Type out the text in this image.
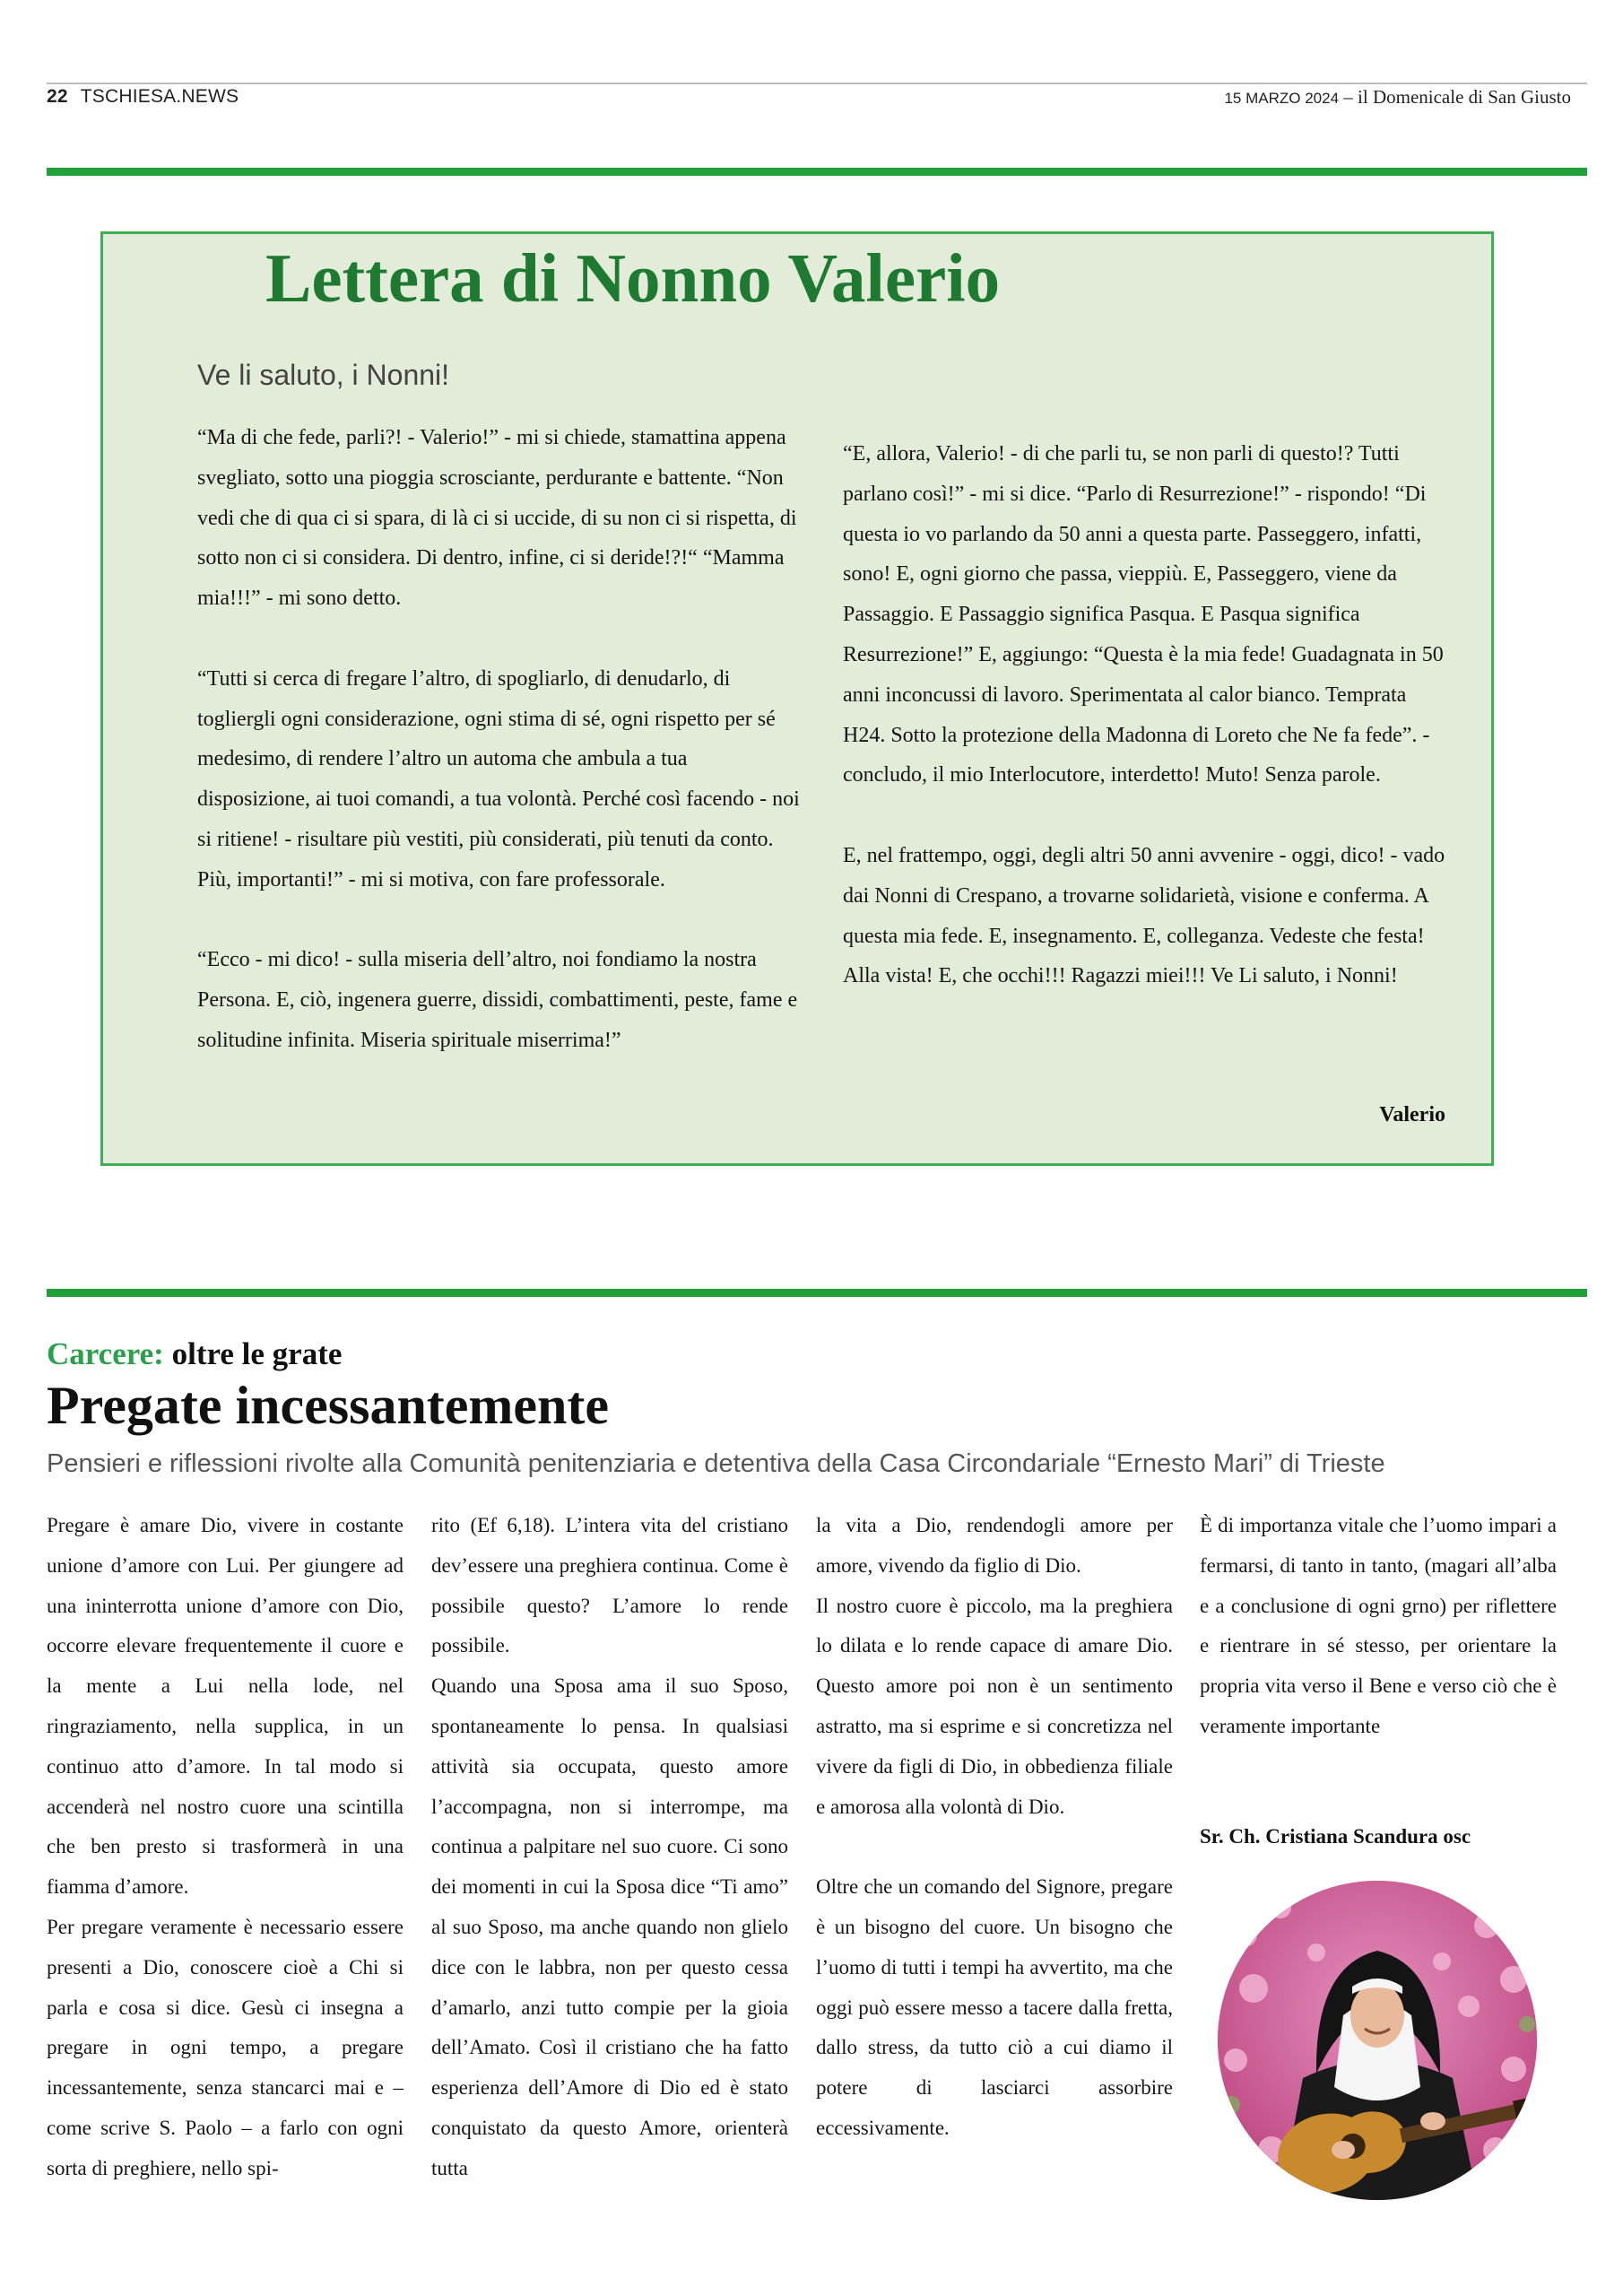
22 TSCHIESA.NEWS	15 MARZO 2024 – il Domenicale di San Giusto
Lettera di Nonno Valerio
Ve li saluto, i Nonni!

“Ma di che fede, parli?! - Valerio!” - mi si chiede, stamattina appena svegliato, sotto una pioggia scrosciante, perdurante e battente. “Non vedi che di qua ci si spara, di là ci si uccide, di su non ci si rispetta, di sotto non ci si considera. Di dentro, infine, ci si deride!?!“ “Mamma mia!!!” - mi sono detto.

“Tutti si cerca di fregare l’altro, di spogliarlo, di denudarlo, di togliergli ogni considerazione, ogni stima di sé, ogni rispetto per sé medesimo, di rendere l’altro un automa che ambula a tua disposizione, ai tuoi comandi, a tua volontà. Perché così facendo - noi si ritiene! - risultare più vestiti, più considerati, più tenuti da conto. Più, importanti!” - mi si motiva, con fare professorale.

“Ecco - mi dico! - sulla miseria dell’altro, noi fondiamo la nostra Persona. E, ciò, ingenera guerre, dissidi, combattimenti, peste, fame e solitudine infinita. Miseria spirituale miserrima!”

“E, allora, Valerio! - di che parli tu, se non parli di questo!? Tutti parlano così!” - mi si dice. “Parlo di Resurrezione!” - rispondo! “Di questa io vo parlando da 50 anni a questa parte. Passeggero, infatti, sono! E, ogni giorno che passa, vieppiù. E, Passeggero, viene da Passaggio. E Passaggio significa Pasqua. E Pasqua significa Resurrezione!” E, aggiungo: “Questa è la mia fede! Guadagnata in 50 anni inconcussi di lavoro. Sperimentata al calor bianco. Temprata H24. Sotto la protezione della Madonna di Loreto che Ne fa fede”. - concludo, il mio Interlocutore, interdetto! Muto! Senza parole.

E, nel frattempo, oggi, degli altri 50 anni avvenire - oggi, dico! - vado dai Nonni di Crespano, a trovarne solidarietà, visione e conferma. A questa mia fede. E, insegnamento. E, colleganza. Vedeste che festa! Alla vista! E, che occhi!!! Ragazzi miei!!! Ve Li saluto, i Nonni!

Valerio
Carcere: oltre le grate
Pregate incessantemente
Pensieri e riflessioni rivolte alla Comunità penitenziaria e detentiva della Casa Circondariale “Ernesto Mari” di Trieste

Pregare è amare Dio, vivere in costante unione d’amore con Lui. Per giungere ad una ininterrotta unione d’amore con Dio, occorre elevare frequentemente il cuore e la mente a Lui nella lode, nel ringraziamento, nella supplica, in un continuo atto d’amore. In tal modo si accenderà nel nostro cuore una scintilla che ben presto si trasformerà in una fiamma d’amore.

Per pregare veramente è necessario essere presenti a Dio, conoscere cioè a Chi si parla e cosa si dice. Gesù ci insegna a pregare in ogni tempo, a pregare incessantemente, senza stancarci mai e – come scrive S. Paolo – a farlo con ogni sorta di preghiere, nello spi-

rito (Ef 6,18). L’intera vita del cristiano dev’essere una preghiera continua. Come è possibile questo? L’amore lo rende possibile.

Quando una Sposa ama il suo Sposo, spontaneamente lo pensa. In qualsiasi attività sia occupata, questo amore l’accompagna, non si interrompe, ma continua a palpitare nel suo cuore. Ci sono dei momenti in cui la Sposa dice “Ti amo” al suo Sposo, ma anche quando non glielo dice con le labbra, non per questo cessa d’amarlo, anzi tutto compie per la gioia dell’Amato. Così il cristiano che ha fatto esperienza dell’Amore di Dio ed è stato conquistato da questo Amore, orienterà tutta

la vita a Dio, rendendogli amore per amore, vivendo da figlio di Dio.

Il nostro cuore è piccolo, ma la preghiera lo dilata e lo rende capace di amare Dio. Questo amore poi non è un sentimento astratto, ma si esprime e si concretizza nel vivere da figli di Dio, in obbedienza filiale e amorosa alla volontà di Dio.

Oltre che un comando del Signore, pregare è un bisogno del cuore. Un bisogno che l’uomo di tutti i tempi ha avvertito, ma che oggi può essere messo a tacere dalla fretta, dallo stress, da tutto ciò a cui diamo il potere di lasciarci assorbire eccessivamente.

È di importanza vitale che l’uomo impari a fermarsi, di tanto in tanto, (magari all’alba e a conclusione di ogni grno) per riflettere e rientrare in sé stesso, per orientare la propria vita verso il Bene e verso ciò che è veramente importante

Sr. Ch. Cristiana Scandura osc
